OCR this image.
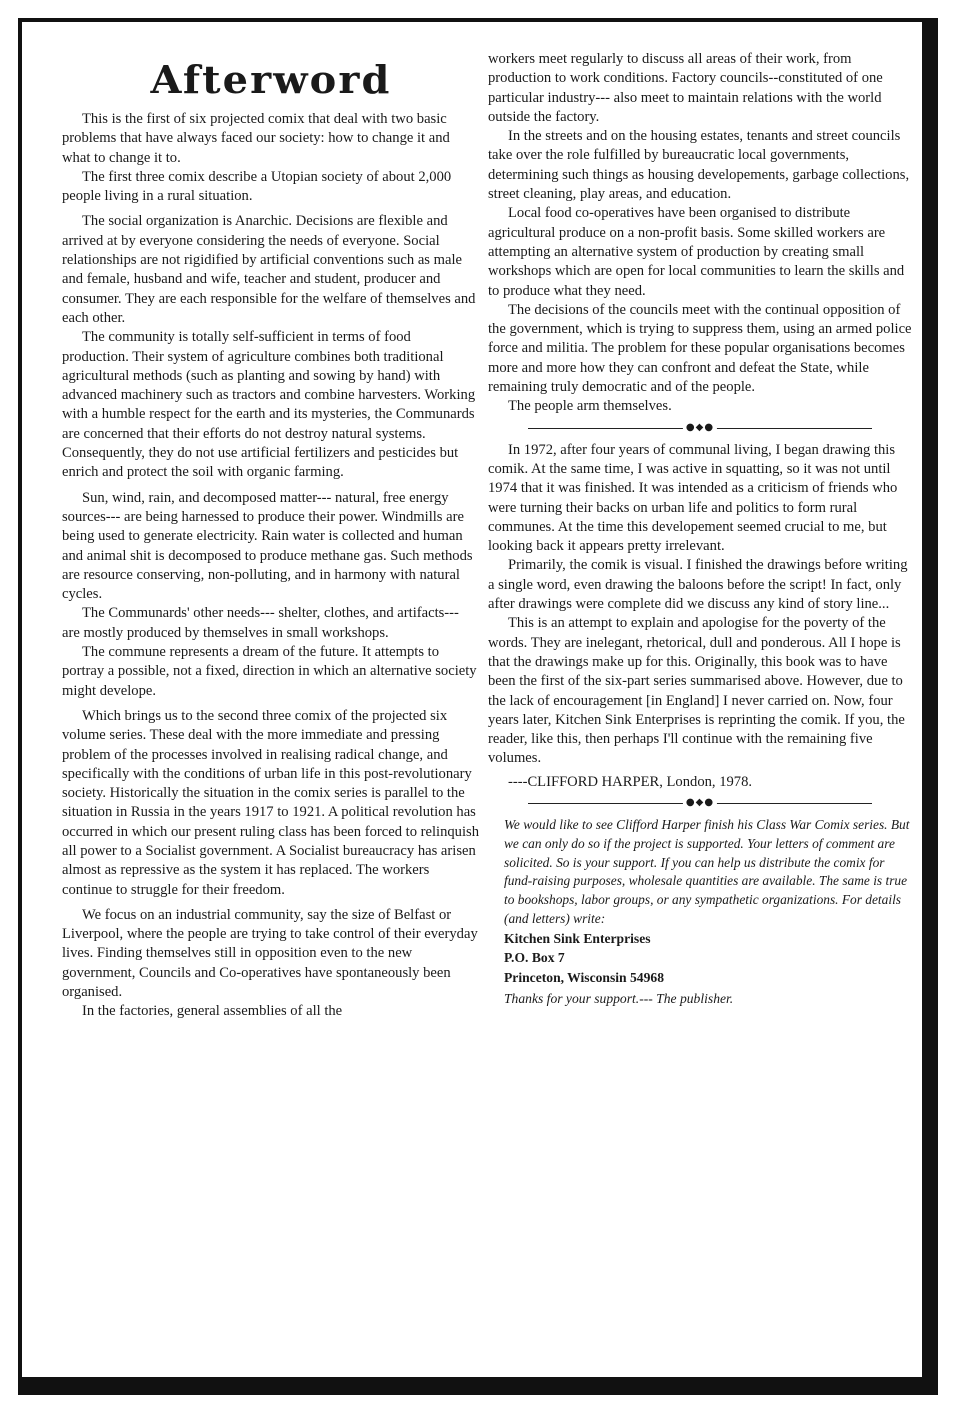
Afterword

This is the first of six projected comix that deal with two basic problems that have always faced our society: how to change it and what to change it to.

The first three comix describe a Utopian society of about 2,000 people living in a rural situation.

The social organization is Anarchic. Decisions are flexible and arrived at by everyone considering the needs of everyone. Social relationships are not rigidified by artificial conventions such as male and female, husband and wife, teacher and student, producer and consumer. They are each responsible for the welfare of themselves and each other.

The community is totally self-sufficient in terms of food production. Their system of agriculture combines both traditional agricultural methods (such as planting and sowing by hand) with advanced machinery such as tractors and combine harvesters. Working with a humble respect for the earth and its mysteries, the Communards are concerned that their efforts do not destroy natural systems. Consequently, they do not use artificial fertilizers and pesticides but enrich and protect the soil with organic farming.

Sun, wind, rain, and decomposed matter--- natural, free energy sources--- are being harnessed to produce their power. Windmills are being used to generate electricity. Rain water is collected and human and animal shit is decomposed to produce methane gas. Such methods are resource conserving, non-polluting, and in harmony with natural cycles.

The Communards' other needs--- shelter, clothes, and artifacts--- are mostly produced by themselves in small workshops.

The commune represents a dream of the future. It attempts to portray a possible, not a fixed, direction in which an alternative society might develope.

Which brings us to the second three comix of the projected six volume series. These deal with the more immediate and pressing problem of the processes involved in realising radical change, and specifically with the conditions of urban life in this post-revolutionary society. Historically the situation in the comix series is parallel to the situation in Russia in the years 1917 to 1921. A political revolution has occurred in which our present ruling class has been forced to relinquish all power to a Socialist government. A Socialist bureaucracy has arisen almost as repressive as the system it has replaced. The workers continue to struggle for their freedom.

We focus on an industrial community, say the size of Belfast or Liverpool, where the people are trying to take control of their everyday lives. Finding themselves still in opposition even to the new government, Councils and Co-operatives have spontaneously been organised.

In the factories, general assemblies of all the

workers meet regularly to discuss all areas of their work, from production to work conditions. Factory councils--constituted of one particular industry--- also meet to maintain relations with the world outside the factory.

In the streets and on the housing estates, tenants and street councils take over the role fulfilled by bureaucratic local governments, determining such things as housing developements, garbage collections, street cleaning, play areas, and education.

Local food co-operatives have been organised to distribute agricultural produce on a non-profit basis. Some skilled workers are attempting an alternative system of production by creating small workshops which are open for local communities to learn the skills and to produce what they need.

The decisions of the councils meet with the continual opposition of the government, which is trying to suppress them, using an armed police force and militia. The problem for these popular organisations becomes more and more how they can confront and defeat the State, while remaining truly democratic and of the people.

The people arm themselves.

●◆●

In 1972, after four years of communal living, I began drawing this comik. At the same time, I was active in squatting, so it was not until 1974 that it was finished. It was intended as a criticism of friends who were turning their backs on urban life and politics to form rural communes. At the time this developement seemed crucial to me, but looking back it appears pretty irrelevant.

Primarily, the comik is visual. I finished the drawings before writing a single word, even drawing the baloons before the script! In fact, only after drawings were complete did we discuss any kind of story line...

This is an attempt to explain and apologise for the poverty of the words. They are inelegant, rhetorical, dull and ponderous. All I hope is that the drawings make up for this. Originally, this book was to have been the first of the six-part series summarised above. However, due to the lack of encouragement [in England] I never carried on. Now, four years later, Kitchen Sink Enterprises is reprinting the comik. If you, the reader, like this, then perhaps I'll continue with the remaining five volumes.

----CLIFFORD HARPER, London, 1978.

●◆●

We would like to see Clifford Harper finish his Class War Comix series. But we can only do so if the project is supported. Your letters of comment are solicited. So is your support. If you can help us distribute the comix for fund-raising purposes, wholesale quantities are available. The same is true to bookshops, labor groups, or any sympathetic organizations. For details (and letters) write:

Kitchen Sink Enterprises

P.O. Box 7

Princeton, Wisconsin 54968

Thanks for your support.--- The publisher.
